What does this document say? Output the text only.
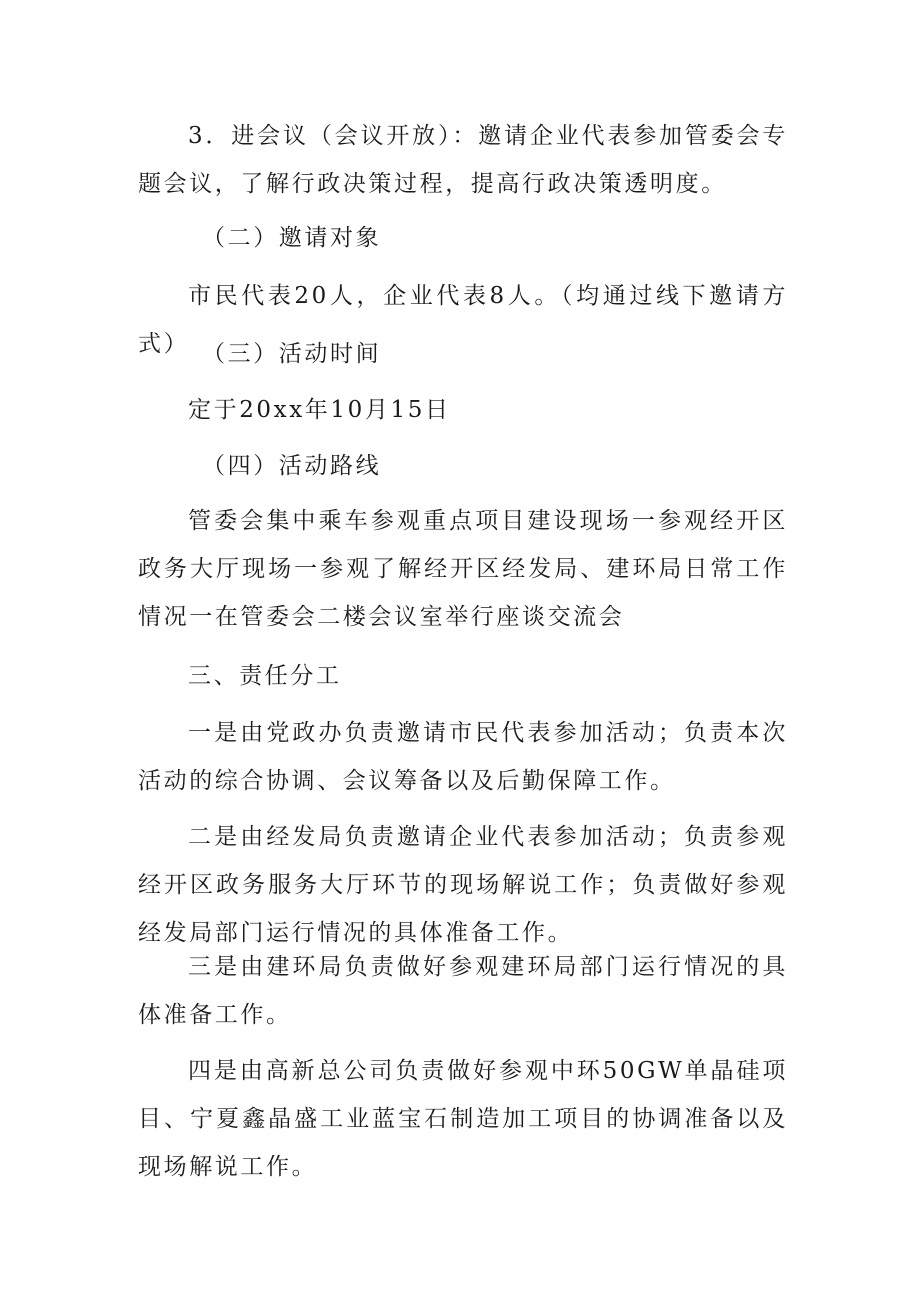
3．进会议（会议开放）：邀请企业代表参加管委会专题会议，了解行政决策过程，提高行政决策透明度。

（二）邀请对象

市民代表20人，企业代表8人。（均通过线下邀请方式） （三）活动时间

定于20xx年10月15日

（四）活动路线

管委会集中乘车参观重点项目建设现场一参观经开区政务大厅现场一参观了解经开区经发局、建环局日常工作情况一在管委会二楼会议室举行座谈交流会

三、责任分工

一是由党政办负责邀请市民代表参加活动；负责本次活动的综合协调、会议筹备以及后勤保障工作。

二是由经发局负责邀请企业代表参加活动；负责参观经开区政务服务大厅环节的现场解说工作；负责做好参观经发局部门运行情况的具体准备工作。

三是由建环局负责做好参观建环局部门运行情况的具体准备工作。

四是由高新总公司负责做好参观中环50GW单晶硅项目、宁夏鑫晶盛工业蓝宝石制造加工项目的协调准备以及现场解说工作。
